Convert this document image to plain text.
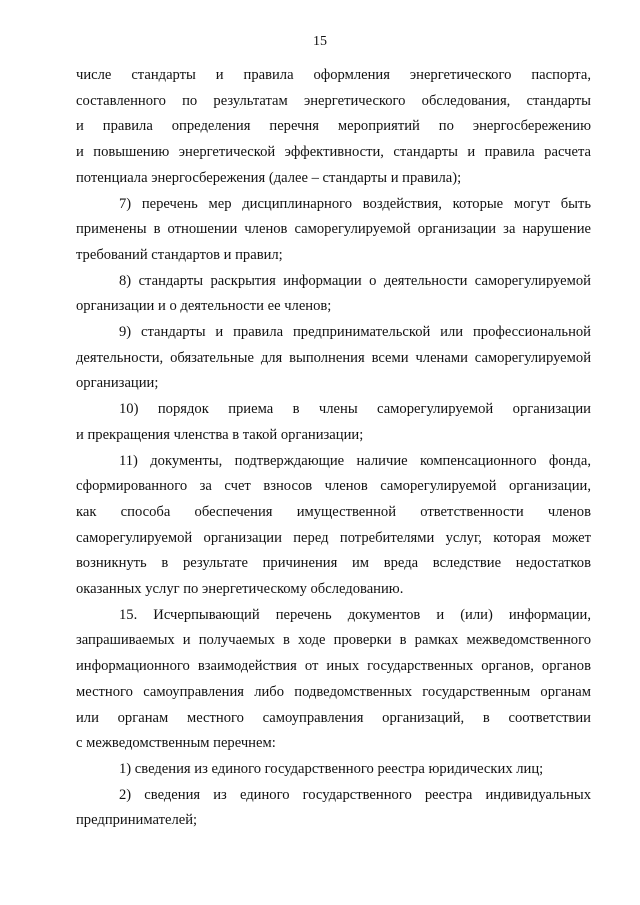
15

числе стандарты и правила оформления энергетического паспорта,
составленного по результатам энергетического обследования, стандарты
и правила определения перечня мероприятий по энергосбережению
и повышению энергетической эффективности, стандарты и правила расчета
потенциала энергосбережения (далее – стандарты и правила);

7) перечень мер дисциплинарного воздействия, которые могут быть
применены в отношении членов саморегулируемой организации за нарушение
требований стандартов и правил;

8) стандарты раскрытия информации о деятельности саморегулируемой
организации и о деятельности ее членов;

9) стандарты и правила предпринимательской или профессиональной
деятельности, обязательные для выполнения всеми членами саморегулируемой
организации;

10) порядок приема в члены саморегулируемой организации
и прекращения членства в такой организации;

11) документы, подтверждающие наличие компенсационного фонда,
сформированного за счет взносов членов саморегулируемой организации,
как способа обеспечения имущественной ответственности членов
саморегулируемой организации перед потребителями услуг, которая может
возникнуть в результате причинения им вреда вследствие недостатков
оказанных услуг по энергетическому обследованию.

15. Исчерпывающий перечень документов и (или) информации,
запрашиваемых и получаемых в ходе проверки в рамках межведомственного
информационного взаимодействия от иных государственных органов, органов
местного самоуправления либо подведомственных государственным органам
или органам местного самоуправления организаций, в соответствии
с межведомственным перечнем:

1) сведения из единого государственного реестра юридических лиц;

2) сведения из единого государственного реестра индивидуальных
предпринимателей;
